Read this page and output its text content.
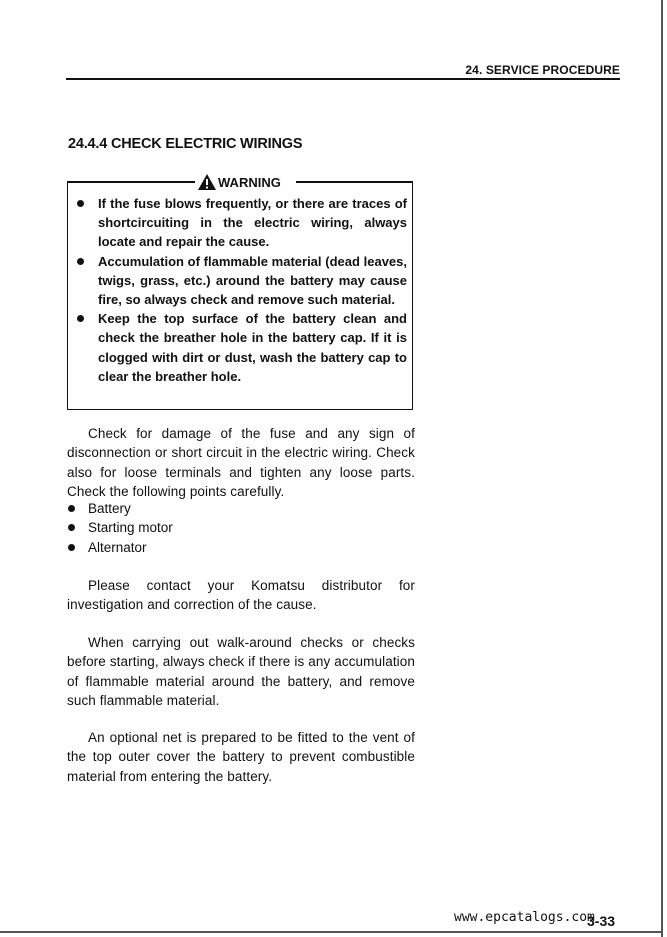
24. SERVICE PROCEDURE
24.4.4 CHECK ELECTRIC WIRINGS
WARNING
If the fuse blows frequently, or there are traces of shortcircuiting in the electric wiring, always locate and repair the cause.
Accumulation of flammable material (dead leaves, twigs, grass, etc.) around the battery may cause fire, so always check and remove such material.
Keep the top surface of the battery clean and check the breather hole in the battery cap. If it is clogged with dirt or dust, wash the battery cap to clear the breather hole.
Check for damage of the fuse and any sign of disconnection or short circuit in the electric wiring. Check also for loose terminals and tighten any loose parts. Check the following points carefully.
Battery
Starting motor
Alternator
Please contact your Komatsu distributor for investigation and correction of the cause.
When carrying out walk-around checks or checks before starting, always check if there is any accumulation of flammable material around the battery, and remove such flammable material.
An optional net is prepared to be fitted to the vent of the top outer cover the battery to prevent combustible material from entering the battery.
www.epcatalogs.com
3-33
